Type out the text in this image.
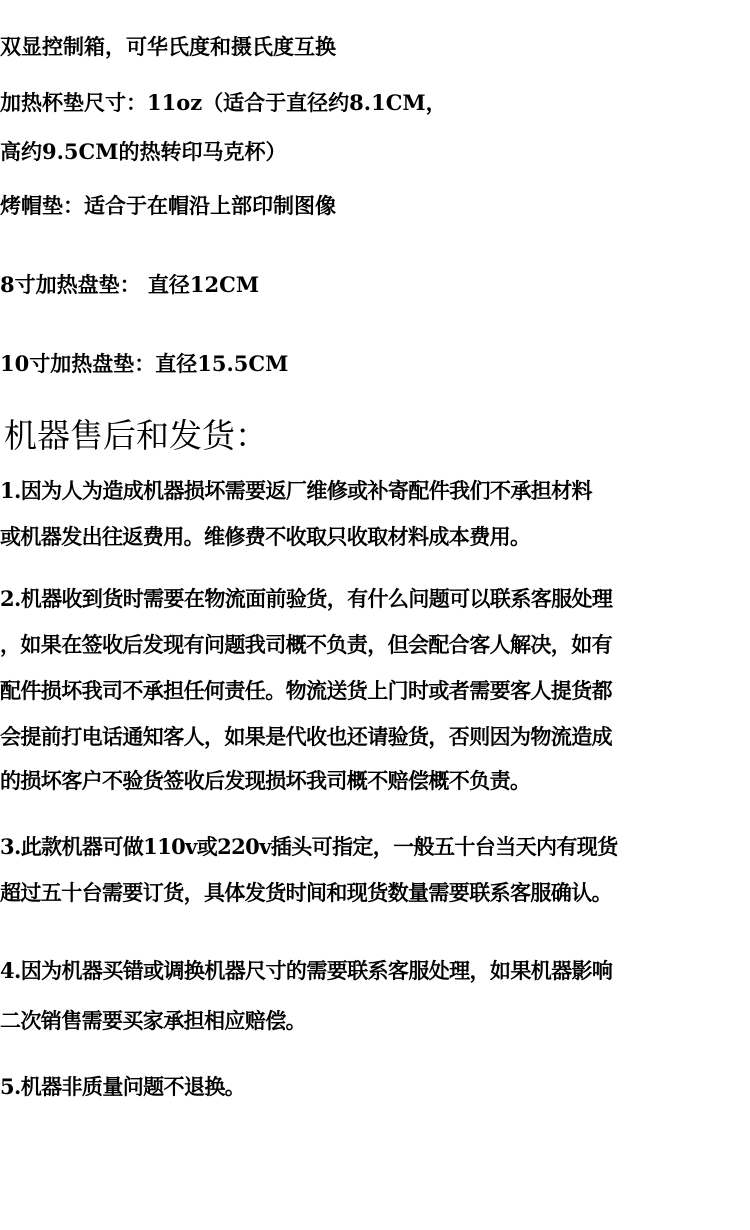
双显控制箱，可华氏度和摄氏度互换

加热杯垫尺寸：11oz（适合于直径约8.1CM，

高约9.5CM的热转印马克杯）

烤帽垫：适合于在帽沿上部印制图像

8寸加热盘垫： 直径12CM

10寸加热盘垫：直径15.5CM

机器售后和发货：

1.因为人为造成机器损坏需要返厂维修或补寄配件我们不承担材料

或机器发出往返费用。维修费不收取只收取材料成本费用。

2.机器收到货时需要在物流面前验货，有什么问题可以联系客服处理

，如果在签收后发现有问题我司概不负责，但会配合客人解决，如有

配件损坏我司不承担任何责任。物流送货上门时或者需要客人提货都

会提前打电话通知客人，如果是代收也还请验货，否则因为物流造成

的损坏客户不验货签收后发现损坏我司概不赔偿概不负责。

3.此款机器可做110v或220v插头可指定，一般五十台当天内有现货

超过五十台需要订货，具体发货时间和现货数量需要联系客服确认。

4.因为机器买错或调换机器尺寸的需要联系客服处理，如果机器影响

二次销售需要买家承担相应赔偿。

5.机器非质量问题不退换。
